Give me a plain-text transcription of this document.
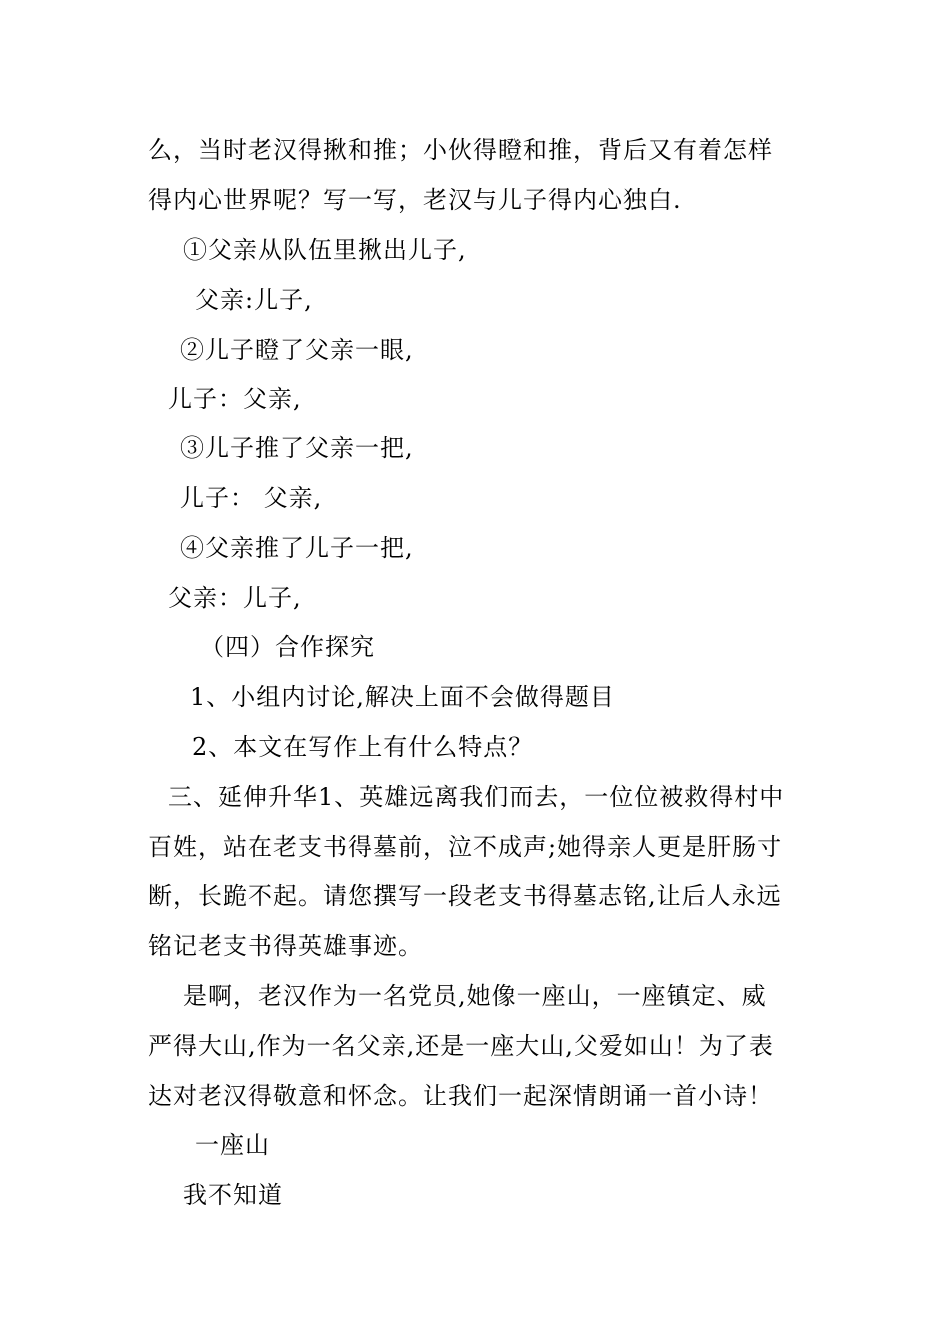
么，当时老汉得揪和推；小伙得瞪和推，背后又有着怎样
得内心世界呢？写一写，老汉与儿子得内心独白.
①父亲从队伍里揪出儿子,
父亲:儿子,
②儿子瞪了父亲一眼,
儿子：父亲,
③儿子推了父亲一把,
儿子： 父亲,
④父亲推了儿子一把,
父亲：儿子,
（四）合作探究
1、小组内讨论,解决上面不会做得题目
2、本文在写作上有什么特点？
三、延伸升华1、英雄远离我们而去，一位位被救得村中
百姓，站在老支书得墓前，泣不成声;她得亲人更是肝肠寸
断，长跪不起。请您撰写一段老支书得墓志铭,让后人永远
铭记老支书得英雄事迹。
是啊，老汉作为一名党员,她像一座山，一座镇定、威
严得大山,作为一名父亲,还是一座大山,父爱如山！为了表
达对老汉得敬意和怀念。让我们一起深情朗诵一首小诗！
一座山
我不知道
